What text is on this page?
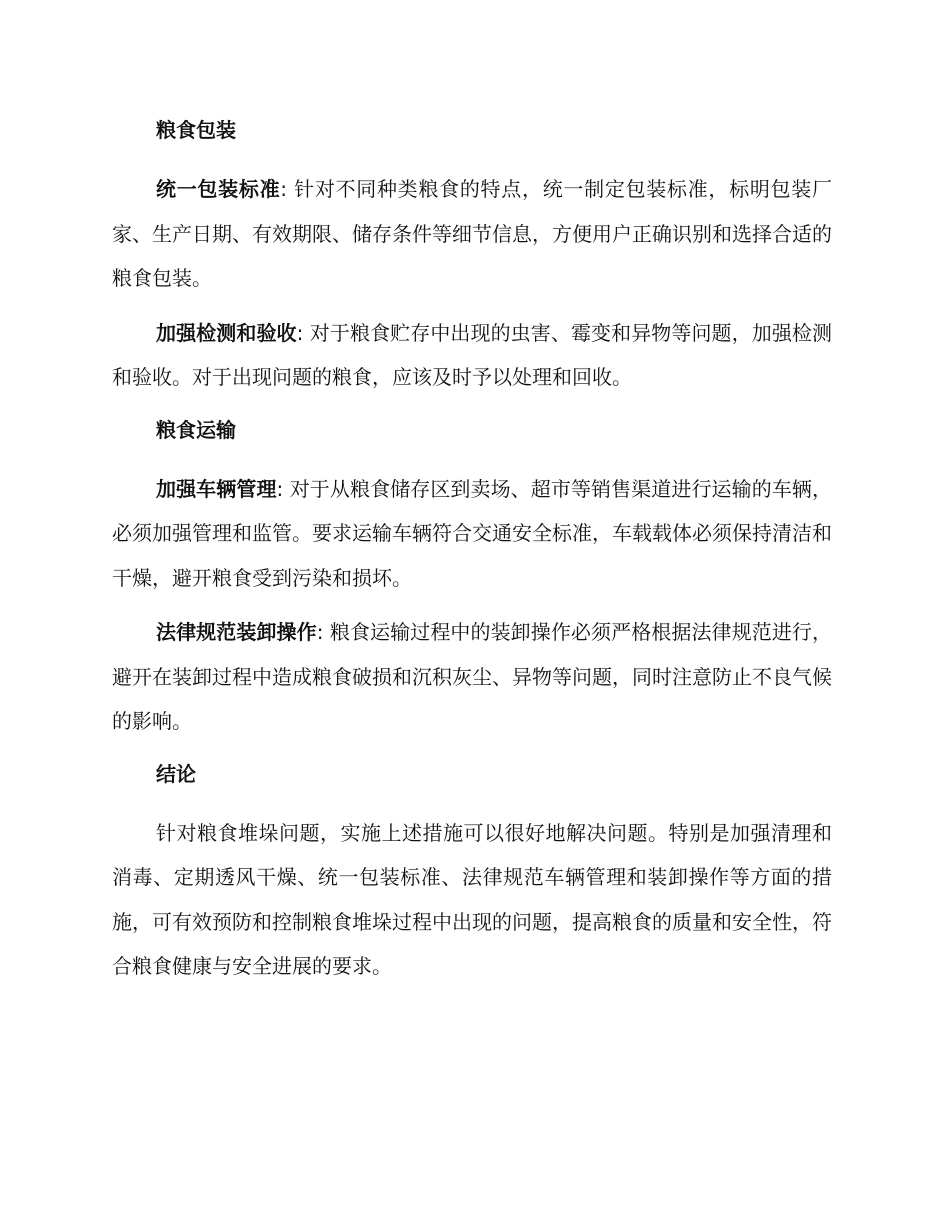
粮食包装

统一包装标准: 针对不同种类粮食的特点，统一制定包装标准，标明包装厂家、生产日期、有效期限、储存条件等细节信息，方便用户正确识别和选择合适的粮食包装。

加强检测和验收: 对于粮食贮存中出现的虫害、霉变和异物等问题，加强检测和验收。对于出现问题的粮食，应该及时予以处理和回收。

粮食运输

加强车辆管理: 对于从粮食储存区到卖场、超市等销售渠道进行运输的车辆，必须加强管理和监管。要求运输车辆符合交通安全标准，车载载体必须保持清洁和干燥，避开粮食受到污染和损坏。

法律规范装卸操作: 粮食运输过程中的装卸操作必须严格根据法律规范进行，避开在装卸过程中造成粮食破损和沉积灰尘、异物等问题，同时注意防止不良气候的影响。

结论

针对粮食堆垛问题，实施上述措施可以很好地解决问题。特别是加强清理和消毒、定期透风干燥、统一包装标准、法律规范车辆管理和装卸操作等方面的措施，可有效预防和控制粮食堆垛过程中出现的问题，提高粮食的质量和安全性，符合粮食健康与安全进展的要求。
